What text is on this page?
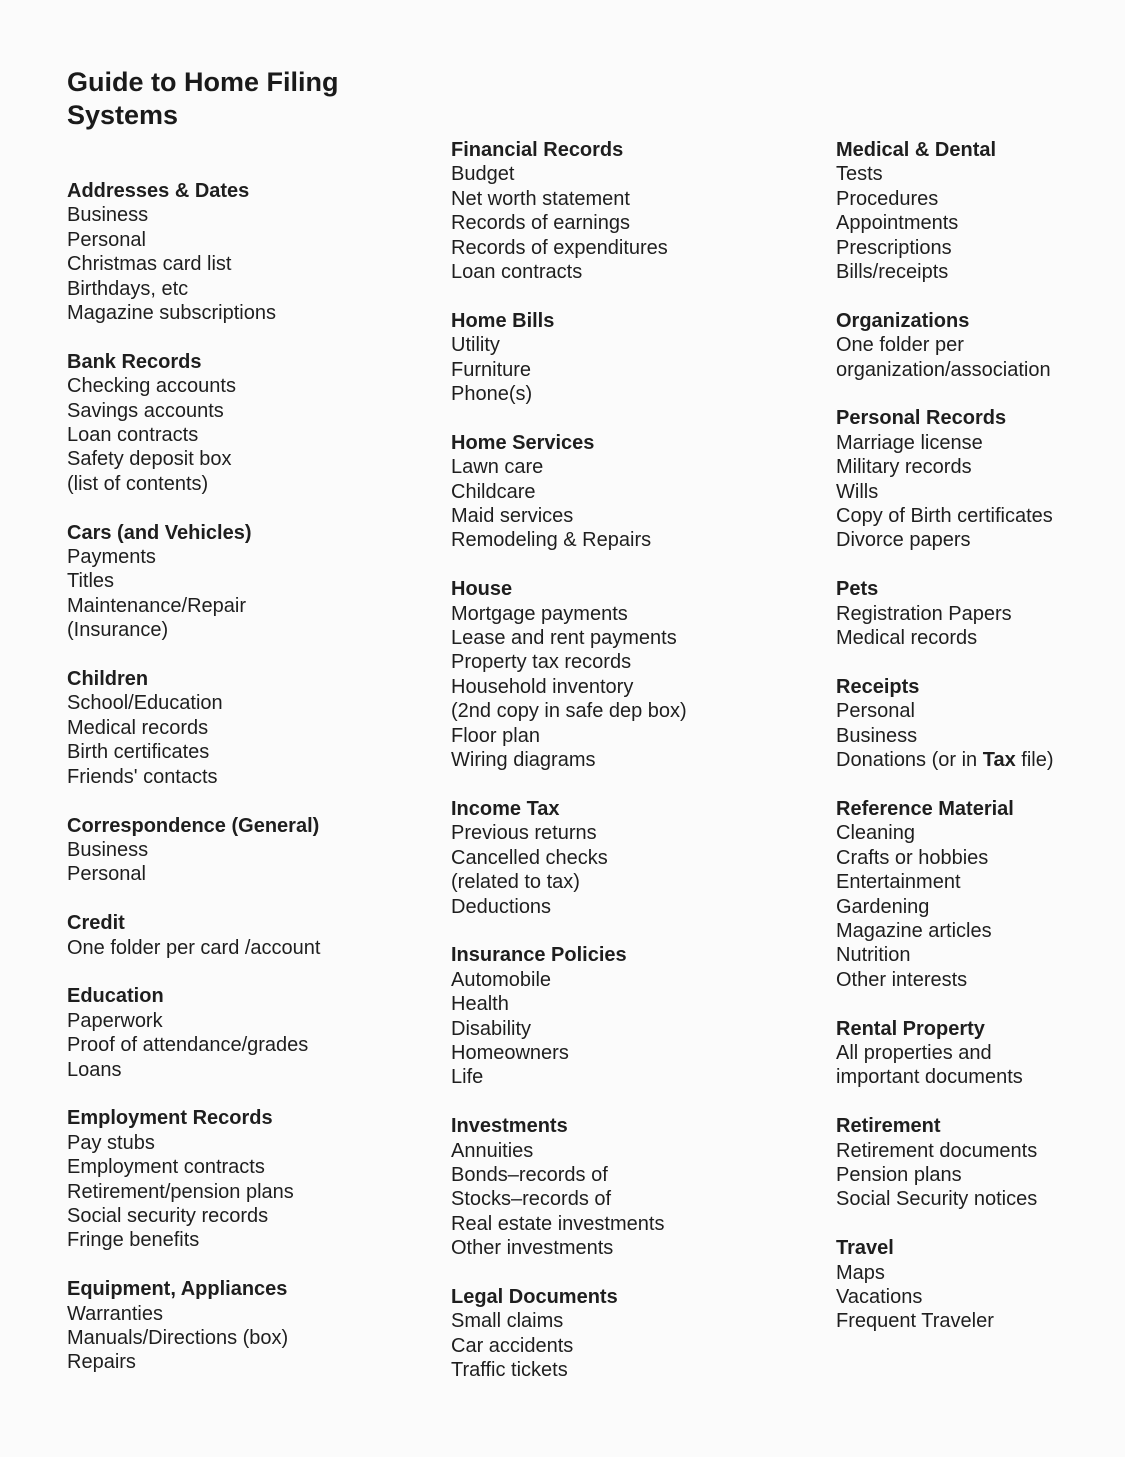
Guide to Home Filing
Systems
Addresses & Dates
Business
Personal
Christmas card list
Birthdays, etc
Magazine subscriptions
Bank Records
Checking accounts
Savings accounts
Loan contracts
Safety deposit box
(list of contents)
Cars (and Vehicles)
Payments
Titles
Maintenance/Repair
(Insurance)
Children
School/Education
Medical records
Birth certificates
Friends' contacts
Correspondence (General)
Business
Personal
Credit
One folder per card /account
Education
Paperwork
Proof of attendance/grades
Loans
Employment Records
Pay stubs
Employment contracts
Retirement/pension plans
Social security records
Fringe benefits
Equipment, Appliances
Warranties
Manuals/Directions (box)
Repairs
Financial Records
Budget
Net worth statement
Records of earnings
Records of expenditures
Loan contracts
Home Bills
Utility
Furniture
Phone(s)
Home Services
Lawn care
Childcare
Maid services
Remodeling & Repairs
House
Mortgage payments
Lease and rent payments
Property tax records
Household inventory
(2nd copy in safe dep box)
Floor plan
Wiring diagrams
Income Tax
Previous returns
Cancelled checks
(related to tax)
Deductions
Insurance Policies
Automobile
Health
Disability
Homeowners
Life
Investments
Annuities
Bonds–records of
Stocks–records of
Real estate investments
Other investments
Legal Documents
Small claims
Car accidents
Traffic tickets
Medical & Dental
Tests
Procedures
Appointments
Prescriptions
Bills/receipts
Organizations
One folder per
organization/association
Personal Records
Marriage license
Military records
Wills
Copy of Birth certificates
Divorce papers
Pets
Registration Papers
Medical records
Receipts
Personal
Business
Donations (or in Tax file)
Reference Material
Cleaning
Crafts or hobbies
Entertainment
Gardening
Magazine articles
Nutrition
Other interests
Rental Property
All properties and
important documents
Retirement
Retirement documents
Pension plans
Social Security notices
Travel
Maps
Vacations
Frequent Traveler
